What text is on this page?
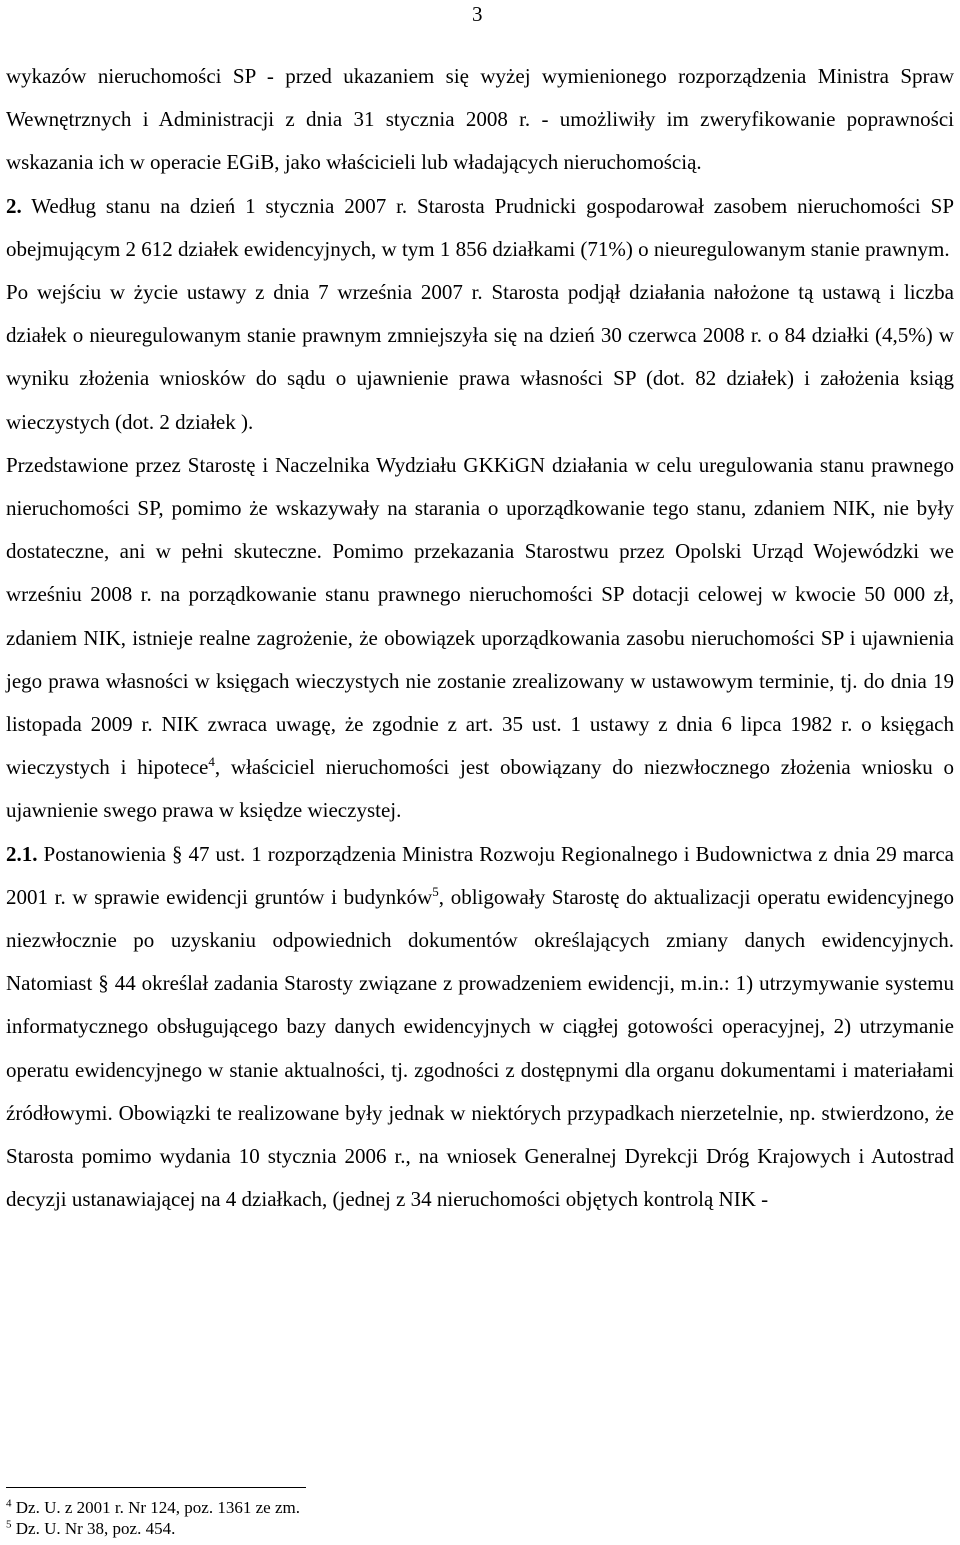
3

wykazów nieruchomości SP - przed ukazaniem się wyżej wymienionego rozporządzenia Ministra Spraw Wewnętrznych i Administracji z dnia 31 stycznia 2008 r. - umożliwiły im zweryfikowanie poprawności wskazania ich w operacie EGiB, jako właścicieli lub władających nieruchomością.

2. Według stanu na dzień 1 stycznia 2007 r. Starosta Prudnicki gospodarował zasobem nieruchomości SP obejmującym 2 612 działek ewidencyjnych, w tym 1 856 działkami (71%) o nieuregulowanym stanie prawnym.

Po wejściu w życie ustawy z dnia 7 września 2007 r. Starosta podjął działania nałożone tą ustawą i liczba działek o nieuregulowanym stanie prawnym zmniejszyła się na dzień 30 czerwca 2008 r. o 84 działki (4,5%) w wyniku złożenia wniosków do sądu o ujawnienie prawa własności SP (dot. 82 działek) i założenia ksiąg wieczystych (dot. 2 działek ).

Przedstawione przez Starostę i Naczelnika Wydziału GKKiGN działania w celu uregulowania stanu prawnego nieruchomości SP, pomimo że wskazywały na starania o uporządkowanie tego stanu, zdaniem NIK, nie były dostateczne, ani w pełni skuteczne. Pomimo przekazania Starostwu przez Opolski Urząd Wojewódzki we wrześniu 2008 r. na porządkowanie stanu prawnego nieruchomości SP dotacji celowej w kwocie 50 000 zł, zdaniem NIK, istnieje realne zagrożenie, że obowiązek uporządkowania zasobu nieruchomości SP i ujawnienia jego prawa własności w księgach wieczystych nie zostanie zrealizowany w ustawowym terminie, tj. do dnia 19 listopada 2009 r. NIK zwraca uwagę, że zgodnie z art. 35 ust. 1 ustawy z dnia 6 lipca 1982 r. o księgach wieczystych i hipotece$^4$, właściciel nieruchomości jest obowiązany do niezwłocznego złożenia wniosku o ujawnienie swego prawa w księdze wieczystej.

2.1. Postanowienia § 47 ust. 1 rozporządzenia Ministra Rozwoju Regionalnego i Budownictwa z dnia 29 marca 2001 r. w sprawie ewidencji gruntów i budynków$^5$, obligowały Starostę do aktualizacji operatu ewidencyjnego niezwłocznie po uzyskaniu odpowiednich dokumentów określających zmiany danych ewidencyjnych. Natomiast § 44 określał zadania Starosty związane z prowadzeniem ewidencji, m.in.: 1) utrzymywanie systemu informatycznego obsługującego bazy danych ewidencyjnych w ciągłej gotowości operacyjnej, 2) utrzymanie operatu ewidencyjnego w stanie aktualności, tj. zgodności z dostępnymi dla organu dokumentami i materiałami źródłowymi. Obowiązki te realizowane były jednak w niektórych przypadkach nierzetelnie, np. stwierdzono, że Starosta pomimo wydania 10 stycznia 2006 r., na wniosek Generalnej Dyrekcji Dróg Krajowych i Autostrad decyzji ustanawiającej na 4 działkach, (jednej z 34 nieruchomości objętych kontrolą NIK -

$^4$ Dz. U. z 2001 r. Nr 124, poz. 1361 ze zm.
$^5$ Dz. U. Nr 38, poz. 454.
